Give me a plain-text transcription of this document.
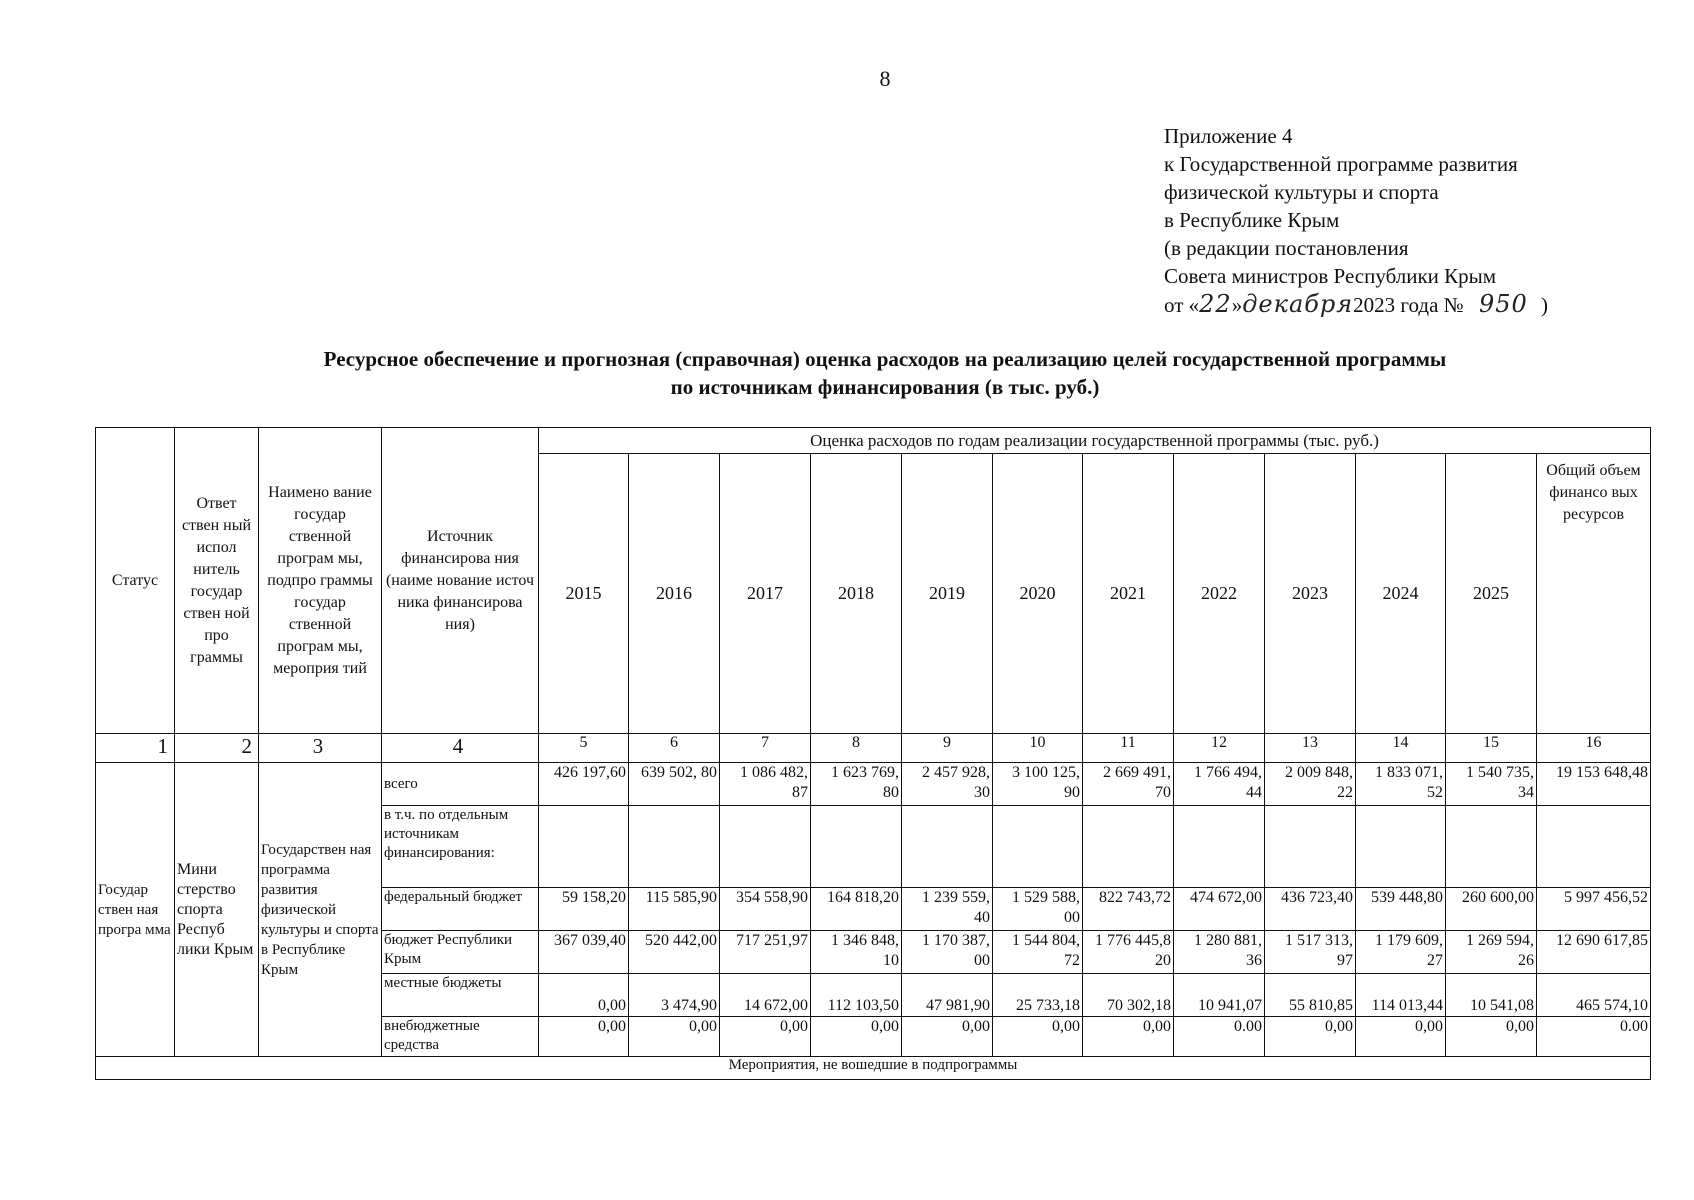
8
Приложение 4
к Государственной программе развития
физической культуры и спорта
в Республике Крым
(в редакции постановления
Совета министров Республики Крым
от «22»декабря2023 года № 950 )
Ресурсное обеспечение и прогнозная (справочная) оценка расходов на реализацию целей государственной программы
по источникам финансирования (в тыс. руб.)
Статус	Ответ ствен ный испол нитель государ ствен ной про граммы	Наимено вание государ ственной програм мы, подпро граммы государ ственной програм мы, мероприя тий	Источник финансирова ния (наиме нование источ ника финансирова ния)	Оценка расходов по годам реализации государственной программы (тыс. руб.)											
				2015	2016	2017	2018	2019	2020	2021	2022	2023	2024	2025	Общий объем финансо вых ресурсов
1	2	3	4	5	6	7	8	9	10	11	12	13	14	15	16
Государ ствен ная програ мма	Мини стерство спорта Респуб лики Крым	Государствен ная программа развития физической культуры и спорта в Республике Крым	всего	426 197,60	639 502, 80	1 086 482, 87	1 623 769, 80	2 457 928, 30	3 100 125, 90	2 669 491, 70	1 766 494, 44	2 009 848, 22	1 833 071, 52	1 540 735, 34	19 153 648,48
			в т.ч. по отдельным источникам финансирования:												
			федеральный бюджет	59 158,20	115 585,90	354 558,90	164 818,20	1 239 559, 40	1 529 588, 00	822 743,72	474 672,00	436 723,40	539 448,80	260 600,00	5 997 456,52
			бюджет Республики Крым	367 039,40	520 442,00	717 251,97	1 346 848, 10	1 170 387, 00	1 544 804, 72	1 776 445,8 20	1 280 881, 36	1 517 313, 97	1 179 609, 27	1 269 594, 26	12 690 617,85
			местные бюджеты	0,00	3 474,90	14 672,00	112 103,50	47 981,90	25 733,18	70 302,18	10 941,07	55 810,85	114 013,44	10 541,08	465 574,10
			внебюджетные средства	0,00	0,00	0,00	0,00	0,00	0,00	0,00	0.00	0,00	0,00	0,00	0.00
Мероприятия, не вошедшие в подпрограммы															
